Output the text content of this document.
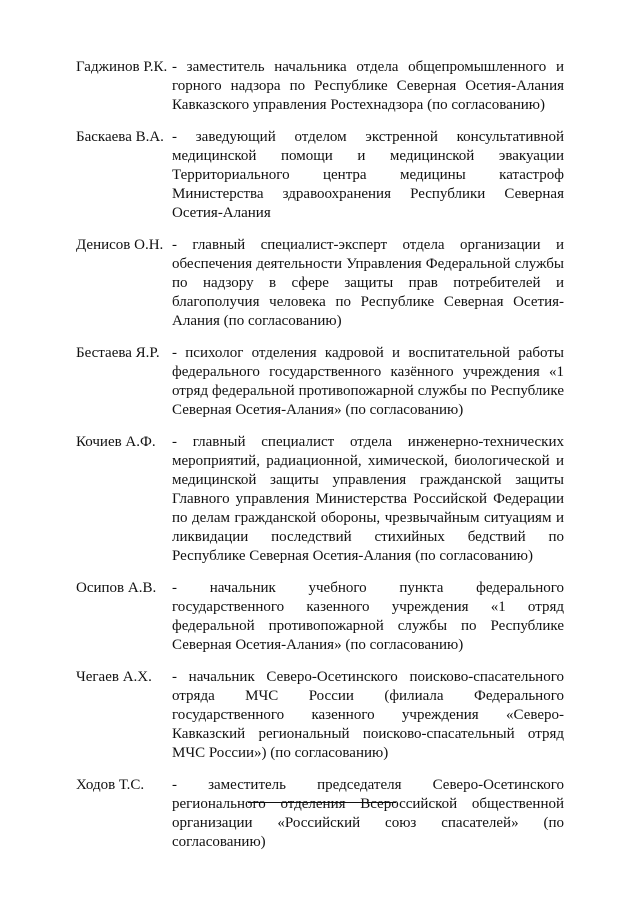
Гаджинов Р.К. - заместитель начальника отдела общепромышленного и горного надзора по Республике Северная Осетия-Алания Кавказского управления Ростехнадзора (по согласованию)
Баскаева В.А. - заведующий отделом экстренной консультативной медицинской помощи и медицинской эвакуации Территориального центра медицины катастроф Министерства здравоохранения Республики Северная Осетия-Алания
Денисов О.Н. - главный специалист-эксперт отдела организации и обеспечения деятельности Управления Федеральной службы по надзору в сфере защиты прав потребителей и благополучия человека по Республике Северная Осетия-Алания (по согласованию)
Бестаева Я.Р. - психолог отделения кадровой и воспитательной работы федерального государственного казённого учреждения «1 отряд федеральной противопожарной службы по Республике Северная Осетия-Алания» (по согласованию)
Кочиев А.Ф.	- главный специалист отдела инженерно-технических мероприятий, радиационной, химической, биологической и медицинской защиты управления гражданской защиты Главного управления Министерства Российской Федерации по делам гражданской обороны, чрезвычайным ситуациям и ликвидации последствий стихийных бедствий по Республике Северная Осетия-Алания (по согласованию)
Осипов А.В.	- начальник учебного пункта федерального государственного казенного учреждения «1 отряд федеральной противопожарной службы по Республике Северная Осетия-Алания» (по согласованию)
Чегаев А.Х.	- начальник Северо-Осетинского поисково-спасательного отряда МЧС России (филиала Федерального государственного казенного учреждения «Северо-Кавказский региональный поисково-спасательный отряд МЧС России») (по согласованию)
Ходов Т.С.	- заместитель председателя Северо-Осетинского регионального отделения Всероссийской общественной организации «Российский союз спасателей» (по согласованию)
